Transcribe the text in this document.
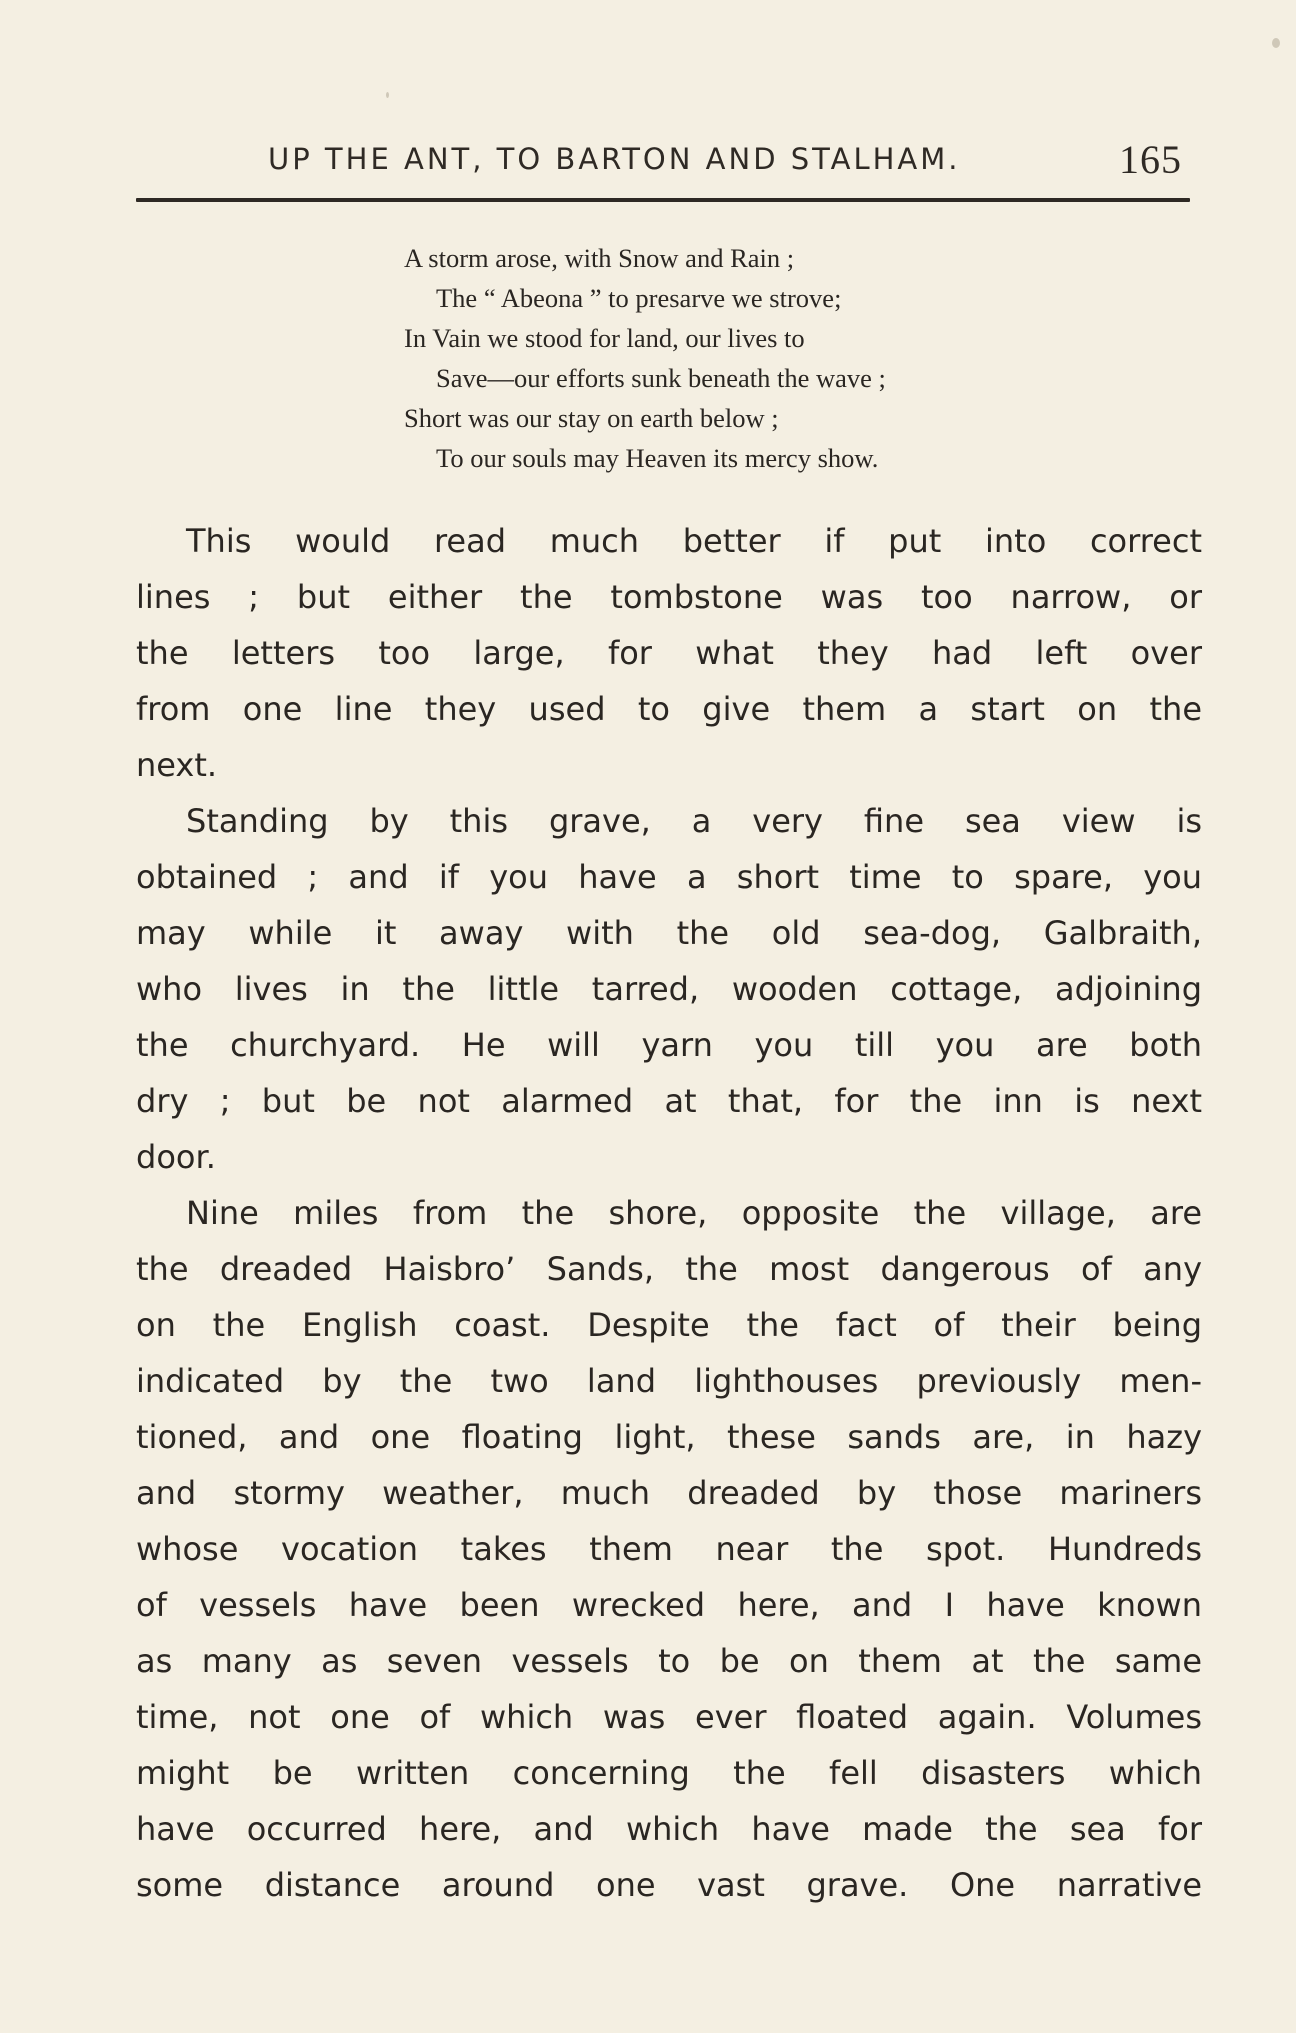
UP THE ANT, TO BARTON AND STALHAM.	165
A storm arose, with Snow and Rain ;
The “ Abeona ” to presarve we strove;
In Vain we stood for land, our lives to
Save—our efforts sunk beneath the wave ;
Short was our stay on earth below ;
To our souls may Heaven its mercy show.
This would read much better if put into correct
lines ; but either the tombstone was too narrow, or
the letters too large, for what they had left over
from one line they used to give them a start on the
next.
Standing by this grave, a very fine sea view is
obtained ; and if you have a short time to spare, you
may while it away with the old sea-dog, Galbraith,
who lives in the little tarred, wooden cottage, adjoining
the churchyard. He will yarn you till you are both
dry ; but be not alarmed at that, for the inn is next
door.
Nine miles from the shore, opposite the village, are
the dreaded Haisbro’ Sands, the most dangerous of any
on the English coast. Despite the fact of their being
indicated by the two land lighthouses previously men-
tioned, and one floating light, these sands are, in hazy
and stormy weather, much dreaded by those mariners
whose vocation takes them near the spot. Hundreds
of vessels have been wrecked here, and I have known
as many as seven vessels to be on them at the same
time, not one of which was ever floated again. Volumes
might be written concerning the fell disasters which
have occurred here, and which have made the sea for
some distance around one vast grave. One narrative
